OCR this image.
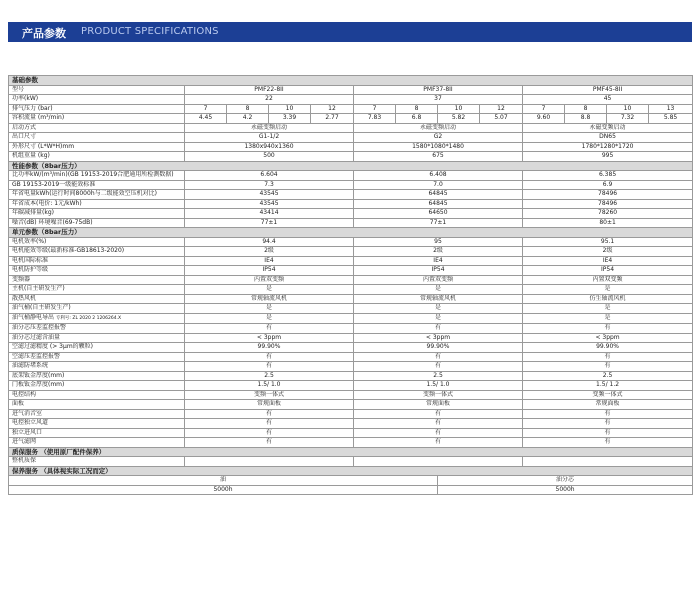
产品参数 PRODUCT SPECIFICATIONS
基础参数												
型号	PMF22-8II				PMF37-8II				PMF45-8II			
功率(kW)	22				37				45			
排气压力 (bar)	7	8	10	12	7	8	10	12	7	8	10	13
容积流量 (m³/min)	4.45	4.2	3.39	2.77	7.83	6.8	5.82	5.07	9.60	8.8	7.32	5.85
启动方式	永磁变频启动				永磁变频启动				永磁变频启动			
出口尺寸	G1-1/2				G2				DN65			
外形尺寸 (L*W*H)mm	1380x940x1360				1580*1080*1480				1780*1280*1720			
机组重量 (kg)	500				675				995			
性能参数（8bar压力）												
比功率kW/(m³/min)(GB 19153-2019合肥通用所检测数据)	6.604				6.408				6.385			
GB 19153-2019一级能效标准	7.3				7.0				6.9			
年省电量kWh(运行时间8000h与二级能效空压机对比)	43545				64845				78496			
年省成本(电价: 1元/kWh)	43545				64845				78496			
年碳减排量(kg)	43414				64650				78260			
噪音(dB) 环境噪音(69-75dB)	77±1				77±1				80±1			
单元参数（8bar压力）												
电机效率(%)	94.4				95				95.1			
电机能效等级(最新标准-GB18613-2020)	2级				2级				2级			
电机国际标准	IE4				IE4				IE4			
电机防护等级	IP54				IP54				IP54			
变频器	内置双变频				内置双变频				内置双变频			
主机(自主研发生产)	是				是				是			
散热风机	常规轴流风机				常规轴流风机				仿生轴流风机			
油气桶(自主研发生产)	是				是				是			
油气桶静电导出 专利号: ZL 2020 2 1206264.X	是				是				是			
油分芯压差监控报警	有				有				有			
油分芯过滤含油量	< 3ppm				< 3ppm				< 3ppm			
空滤过滤精度 (> 3μm的颗粒)	99.90%				99.90%				99.90%			
空滤压差监控报警	有				有				有			
油滤防堵系统	有				有				有			
底架钣金厚度(mm)	2.5				2.5				2.5			
门板钣金厚度(mm)	1.5/ 1.0				1.5/ 1.0				1.5/ 1.2			
电控结构	变频一体式				变频一体式				变频一体式			
面板	常规面板				常规面板				常规面板			
进气消音室	有				有				有			
电控独立风道	有				有				有			
独立进风口	有				有				有			
进气滤网	有				有				有			
质保服务 （使用原厂配件保养）												
整机质保												
保养服务 （具体视实际工况而定）												
油							油分芯					
5000h							5000h					
